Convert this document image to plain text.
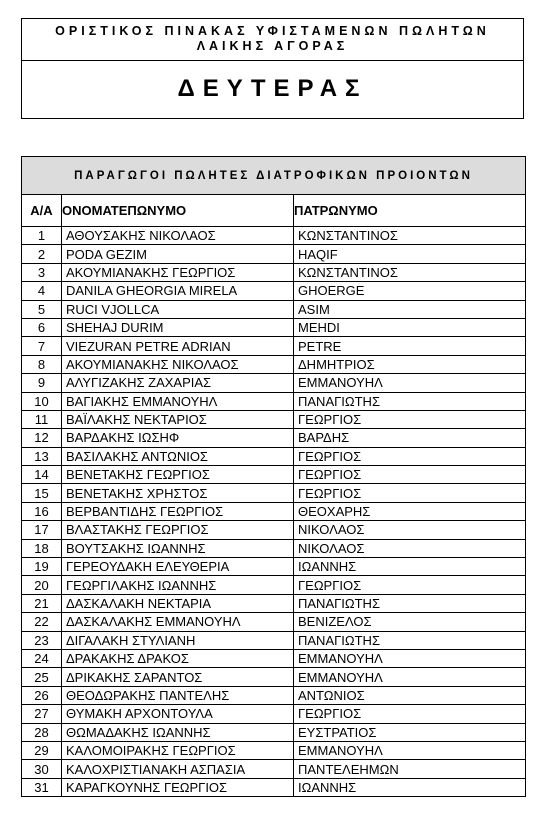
ΟΡΙΣΤΙΚΟΣ ΠΙΝΑΚΑΣ ΥΦΙΣΤΑΜΕΝΩΝ ΠΩΛΗΤΩΝ
ΛΑΙΚΗΣ ΑΓΟΡΑΣ
ΔΕΥΤΕΡΑΣ
ΠΑΡΑΓΩΓΟΙ ΠΩΛΗΤΕΣ ΔΙΑΤΡΟΦΙΚΩΝ ΠΡΟΙΟΝΤΩΝ		
Α/Α	ΟΝΟΜΑΤΕΠΩΝΥΜΟ	ΠΑΤΡΩΝΥΜΟ
1	ΑΘΟΥΣΑΚΗΣ ΝΙΚΟΛΑΟΣ	ΚΩΝΣΤΑΝΤΙΝΟΣ
2	PODA GEZIM	HAQIF
3	ΑΚΟΥΜΙΑΝΑΚΗΣ ΓΕΩΡΓΙΟΣ	ΚΩΝΣΤΑΝΤΙΝΟΣ
4	DANILA GHEORGIA MIRELA	GHOERGE
5	RUCI VJOLLCA	ASIM
6	SHEHAJ DURIM	MEHDI
7	VIEZURAN PETRE ADRIAN	PETRE
8	ΑΚΟΥΜΙΑΝΑΚΗΣ ΝΙΚΟΛΑΟΣ	ΔΗΜΗΤΡΙΟΣ
9	ΑΛΥΓΙΖΑΚΗΣ ΖΑΧΑΡΙΑΣ	ΕΜΜΑΝΟΥΗΛ
10	ΒΑΓΙΑΚΗΣ ΕΜΜΑΝΟΥΗΛ	ΠΑΝΑΓΙΩΤΗΣ
11	ΒΑΪΛΑΚΗΣ ΝΕΚΤΑΡΙΟΣ	ΓΕΩΡΓΙΟΣ
12	ΒΑΡΔΑΚΗΣ ΙΩΣΗΦ	ΒΑΡΔΗΣ
13	ΒΑΣΙΛΑΚΗΣ ΑΝΤΩΝΙΟΣ	ΓΕΩΡΓΙΟΣ
14	ΒΕΝΕΤΑΚΗΣ ΓΕΩΡΓΙΟΣ	ΓΕΩΡΓΙΟΣ
15	ΒΕΝΕΤΑΚΗΣ ΧΡΗΣΤΟΣ	ΓΕΩΡΓΙΟΣ
16	ΒΕΡΒΑΝΤΙΔΗΣ ΓΕΩΡΓΙΟΣ	ΘΕΟΧΑΡΗΣ
17	ΒΛΑΣΤΑΚΗΣ ΓΕΩΡΓΙΟΣ	ΝΙΚΟΛΑΟΣ
18	ΒΟΥΤΣΑΚΗΣ ΙΩΑΝΝΗΣ	ΝΙΚΟΛΑΟΣ
19	ΓΕΡΕΟΥΔΑΚΗ ΕΛΕΥΘΕΡΙΑ	ΙΩΑΝΝΗΣ
20	ΓΕΩΡΓΙΛΑΚΗΣ ΙΩΑΝΝΗΣ	ΓΕΩΡΓΙΟΣ
21	ΔΑΣΚΑΛΑΚΗ ΝΕΚΤΑΡΙΑ	ΠΑΝΑΓΙΩΤΗΣ
22	ΔΑΣΚΑΛΑΚΗΣ ΕΜΜΑΝΟΥΗΛ	ΒΕΝΙΖΕΛΟΣ
23	ΔΙΓΑΛΑΚΗ ΣΤΥΛΙΑΝΗ	ΠΑΝΑΓΙΩΤΗΣ
24	ΔΡΑΚΑΚΗΣ ΔΡΑΚΟΣ	ΕΜΜΑΝΟΥΗΛ
25	ΔΡΙΚΑΚΗΣ ΣΑΡΑΝΤΟΣ	ΕΜΜΑΝΟΥΗΛ
26	ΘΕΟΔΩΡΑΚΗΣ ΠΑΝΤΕΛΗΣ	ΑΝΤΩΝΙΟΣ
27	ΘΥΜΑΚΗ ΑΡΧΟΝΤΟΥΛΑ	ΓΕΩΡΓΙΟΣ
28	ΘΩΜΑΔΑΚΗΣ ΙΩΑΝΝΗΣ	ΕΥΣΤΡΑΤΙΟΣ
29	ΚΑΛΟΜΟΙΡΑΚΗΣ ΓΕΩΡΓΙΟΣ	ΕΜΜΑΝΟΥΗΛ
30	ΚΑΛΟΧΡΙΣΤΙΑΝΑΚΗ ΑΣΠΑΣΙΑ	ΠΑΝΤΕΛΕΗΜΩΝ
31	ΚΑΡΑΓΚΟΥΝΗΣ ΓΕΩΡΓΙΟΣ	ΙΩΑΝΝΗΣ
